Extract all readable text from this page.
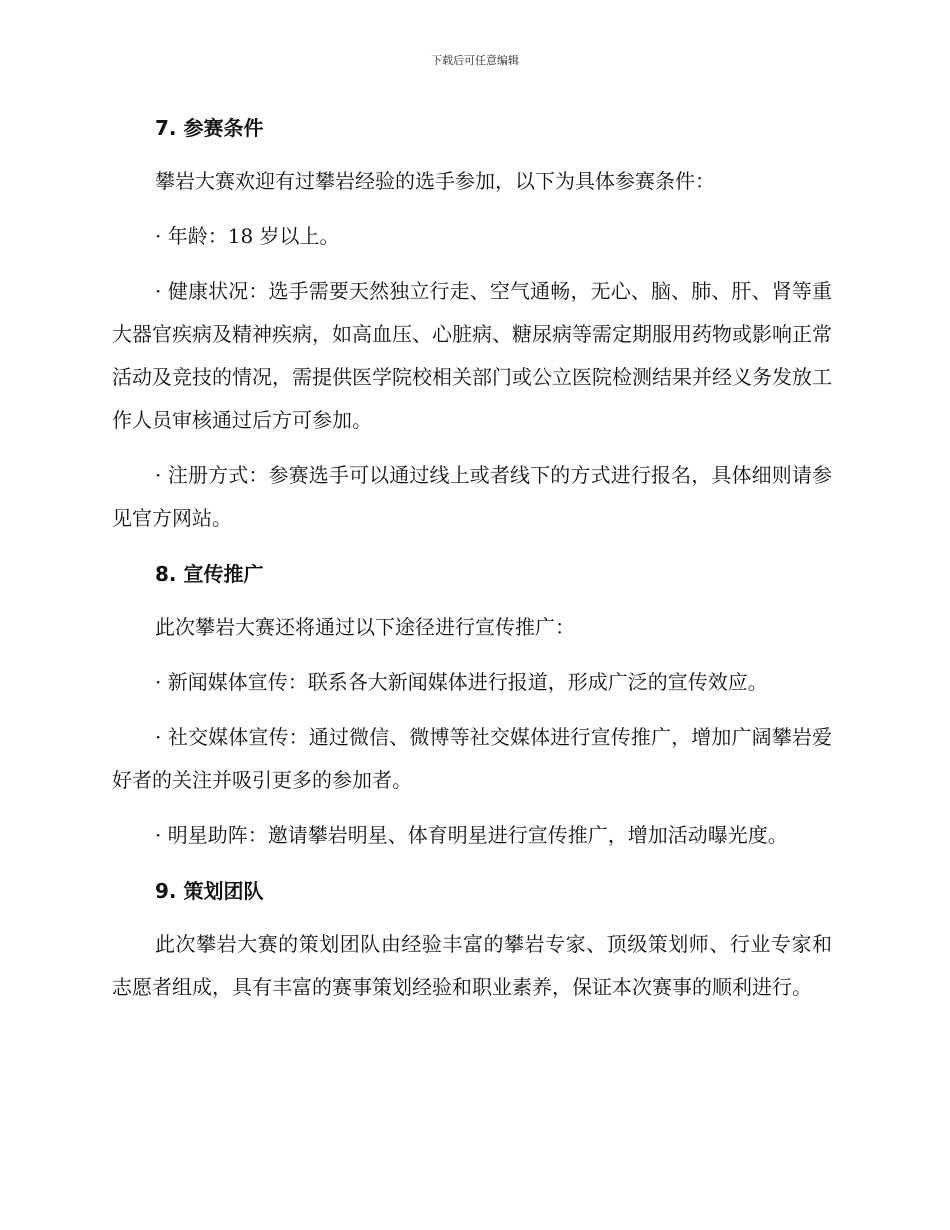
下载后可任意编辑
7. 参赛条件

攀岩大赛欢迎有过攀岩经验的选手参加，以下为具体参赛条件：

· 年龄：18 岁以上。

· 健康状况：选手需要天然独立行走、空气通畅，无心、脑、肺、肝、肾等重大器官疾病及精神疾病，如高血压、心脏病、糖尿病等需定期服用药物或影响正常活动及竞技的情况，需提供医学院校相关部门或公立医院检测结果并经义务发放工作人员审核通过后方可参加。

· 注册方式：参赛选手可以通过线上或者线下的方式进行报名，具体细则请参见官方网站。

8. 宣传推广

此次攀岩大赛还将通过以下途径进行宣传推广：

· 新闻媒体宣传：联系各大新闻媒体进行报道，形成广泛的宣传效应。

· 社交媒体宣传：通过微信、微博等社交媒体进行宣传推广，增加广阔攀岩爱好者的关注并吸引更多的参加者。

· 明星助阵：邀请攀岩明星、体育明星进行宣传推广，增加活动曝光度。

9. 策划团队

此次攀岩大赛的策划团队由经验丰富的攀岩专家、顶级策划师、行业专家和志愿者组成，具有丰富的赛事策划经验和职业素养，保证本次赛事的顺利进行。
